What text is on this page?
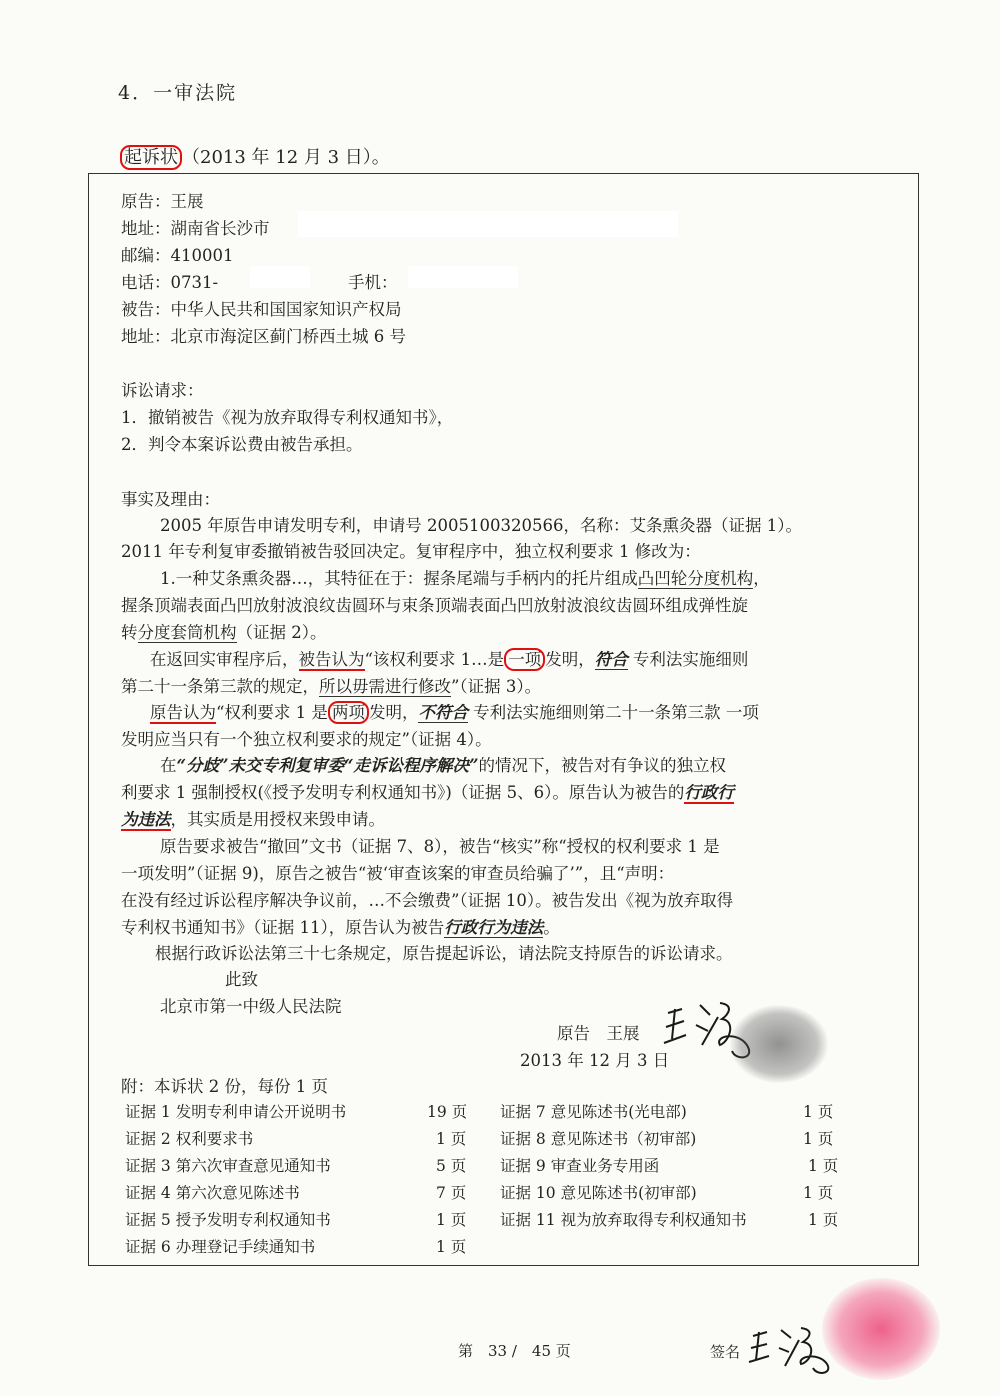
4．一审法院
起诉状 （2013 年 12 月 3 日）。
原告：王展
地址：湖南省长沙市
邮编：410001
电话：0731-	手机：
被告：中华人民共和国国家知识产权局
地址：北京市海淀区蓟门桥西土城 6 号
诉讼请求：
1．撤销被告《视为放弃取得专利权通知书》，
2．判令本案诉讼费由被告承担。
事实及理由：
2005 年原告申请发明专利，申请号 2005100320566，名称：艾条熏灸器（证据 1）。
2011 年专利复审委撤销被告驳回决定。复审程序中，独立权利要求 1 修改为：
1.一种艾条熏灸器…，其特征在于：握条尾端与手柄内的托片组成凸凹轮分度机构，
握条顶端表面凸凹放射波浪纹齿圆环与束条顶端表面凸凹放射波浪纹齿圆环组成弹性旋
转分度套筒机构（证据 2）。
在返回实审程序后，被告认为“该权利要求 1…是 一项 发明，符合 专利法实施细则
第二十一条第三款的规定，所以毋需进行修改”（证据 3）。
原告认为“权利要求 1 是 两项 发明，不符合 专利法实施细则第二十一条第三款 一项
发明应当只有一个独立权利要求的规定”（证据 4）。
在“分歧”未交专利复审委“走诉讼程序解决”的情况下，被告对有争议的独立权
利要求 1 强制授权(《授予发明专利权通知书》)（证据 5、6）。原告认为被告的行政行
为违法，其实质是用授权来毁申请。
原告要求被告“撤回”文书（证据 7、8），被告“核实”称“授权的权利要求 1 是
一项发明”（证据 9)，原告之被告“被‘审查该案的审查员给骗了’”，且“声明：
在没有经过诉讼程序解决争议前，…不会缴费”（证据 10）。被告发出《视为放弃取得
专利权书通知书》（证据 11），原告认为被告行政行为违法。
根据行政诉讼法第三十七条规定，原告提起诉讼，请法院支持原告的诉讼请求。
此致
北京市第一中级人民法院
原告　王展
2013 年 12 月 3 日
附：本诉状 2 份，每份 1 页
证据 1 发明专利申请公开说明书	19 页
证据 2 权利要求书	1 页
证据 3 第六次审查意见通知书	5 页
证据 4 第六次意见陈述书	7 页
证据 5 授予发明专利权通知书	1 页
证据 6 办理登记手续通知书	1 页
证据 7 意见陈述书(光电部)	1 页
证据 8 意见陈述书（初审部)	1 页
证据 9 审查业务专用函	1 页
证据 10 意见陈述书(初审部)	1 页
证据 11 视为放弃取得专利权通知书	1 页
第　33 /　45 页	签名
